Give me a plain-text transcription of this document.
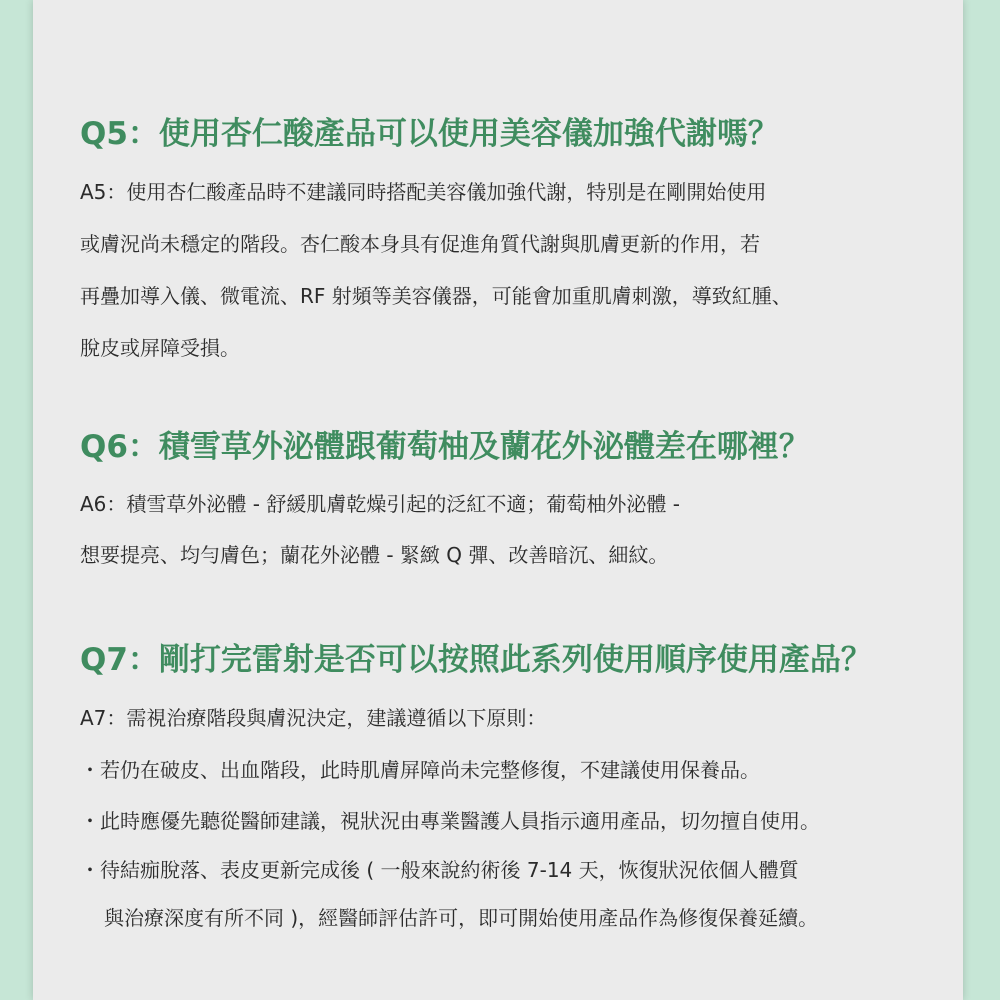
Q5：使用杏仁酸產品可以使用美容儀加強代謝嗎？

A5：使用杏仁酸產品時不建議同時搭配美容儀加強代謝，特別是在剛開始使用

或膚況尚未穩定的階段。杏仁酸本身具有促進角質代謝與肌膚更新的作用，若

再疊加導入儀、微電流、RF 射頻等美容儀器，可能會加重肌膚刺激，導致紅腫、

脫皮或屏障受損。

Q6：積雪草外泌體跟葡萄柚及蘭花外泌體差在哪裡？

A6：積雪草外泌體 - 舒緩肌膚乾燥引起的泛紅不適；葡萄柚外泌體 -

想要提亮、均勻膚色；蘭花外泌體 - 緊緻 Q 彈、改善暗沉、細紋。

Q7：剛打完雷射是否可以按照此系列使用順序使用產品？

A7：需視治療階段與膚況決定，建議遵循以下原則：

・若仍在破皮、出血階段，此時肌膚屏障尚未完整修復，不建議使用保養品。

・此時應優先聽從醫師建議，視狀況由專業醫護人員指示適用產品，切勿擅自使用。

・待結痂脫落、表皮更新完成後 ( 一般來說約術後 7-14 天，恢復狀況依個人體質

與治療深度有所不同 )，經醫師評估許可，即可開始使用產品作為修復保養延續。
